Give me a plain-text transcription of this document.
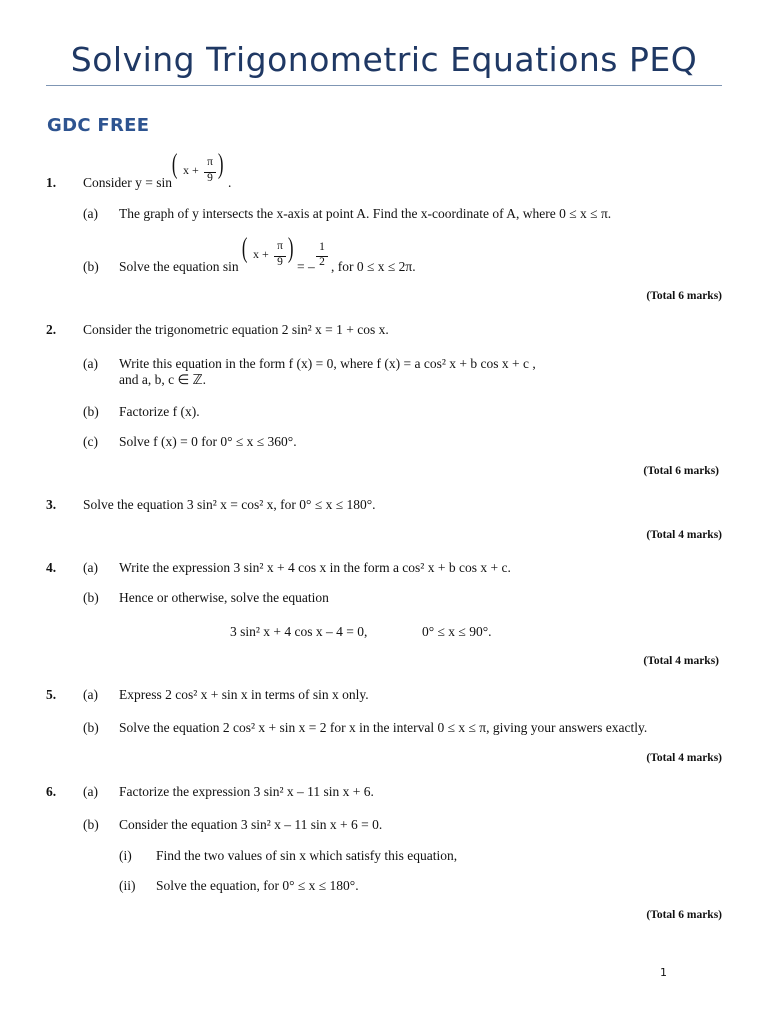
Solving Trigonometric Equations PEQ
GDC FREE
1. Consider y = sin
( x +
π
9 )
.
(a) The graph of y intersects the x-axis at point A. Find the x-coordinate of A, where 0 ≤ x ≤ π.
(b) Solve the equation sin
( x +
π
9 )
= –
1
2 , for 0 ≤ x ≤ 2π.
(Total 6 marks)
2. Consider the trigonometric equation 2 sin² x = 1 + cos x.
(a) Write this equation in the form f (x) = 0, where f (x) = a cos² x + b cos x + c ,
and a, b, c ∈ ℤ.
(b) Factorize f (x).
(c) Solve f (x) = 0 for 0° ≤ x ≤ 360°.
(Total 6 marks)
3. Solve the equation 3 sin² x = cos² x, for 0° ≤ x ≤ 180°.
(Total 4 marks)
4. (a) Write the expression 3 sin² x + 4 cos x in the form a cos² x + b cos x + c.
(b) Hence or otherwise, solve the equation
3 sin² x + 4 cos x – 4 = 0,	0° ≤ x ≤ 90°.
(Total 4 marks)
5. (a) Express 2 cos² x + sin x in terms of sin x only.
(b) Solve the equation 2 cos² x + sin x = 2 for x in the interval 0 ≤ x ≤ π, giving your answers exactly.
(Total 4 marks)
6. (a) Factorize the expression 3 sin² x – 11 sin x + 6.
(b) Consider the equation 3 sin² x – 11 sin x + 6 = 0.
(i) Find the two values of sin x which satisfy this equation,
(ii) Solve the equation, for 0° ≤ x ≤ 180°.
(Total 6 marks)
1
